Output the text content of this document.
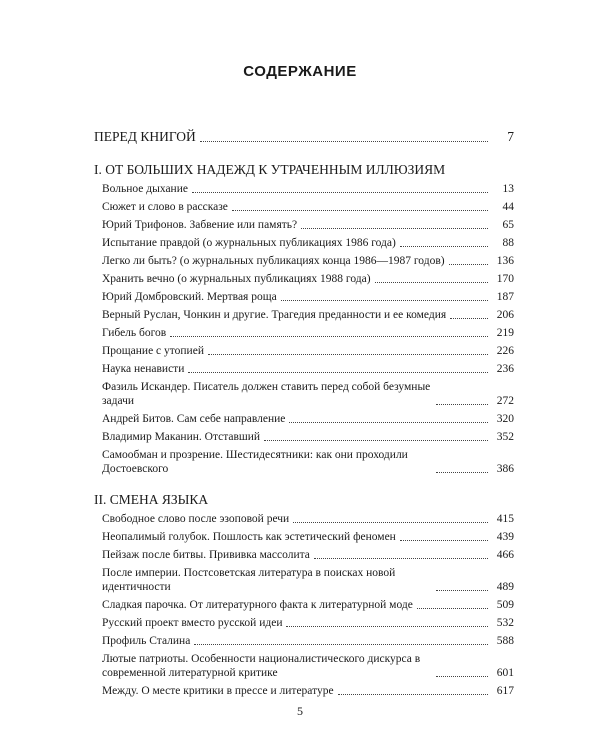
СОДЕРЖАНИЕ
ПЕРЕД КНИГОЙ	7
I. ОТ БОЛЬШИХ НАДЕЖД К УТРАЧЕННЫМ ИЛЛЮЗИЯМ
Вольное дыхание	13
Сюжет и слово в рассказе	44
Юрий Трифонов. Забвение или память?	65
Испытание правдой (о журнальных публикациях 1986 года)	88
Легко ли быть? (о журнальных публикациях конца 1986—1987 годов)	136
Хранить вечно (о журнальных публикациях 1988 года)	170
Юрий Домбровский. Мертвая роща	187
Верный Руслан, Чонкин и другие. Трагедия преданности и ее комедия	206
Гибель богов	219
Прощание с утопией	226
Наука ненависти	236
Фазиль Искандер. Писатель должен ставить перед собой безумные задачи	272
Андрей Битов. Сам себе направление	320
Владимир Маканин. Отставший	352
Самообман и прозрение. Шестидесятники: как они проходили Достоевского	386
II. СМЕНА ЯЗЫКА
Свободное слово после эзоповой речи	415
Неопалимый голубок. Пошлость как эстетический феномен	439
Пейзаж после битвы. Прививка массолита	466
После империи. Постсоветская литература в поисках новой идентичности	489
Сладкая парочка. От литературного факта к литературной моде	509
Русский проект вместо русской идеи	532
Профиль Сталина	588
Лютые патриоты. Особенности националистического дискурса в современной литературной критике	601
Между. О месте критики в прессе и литературе	617
5
